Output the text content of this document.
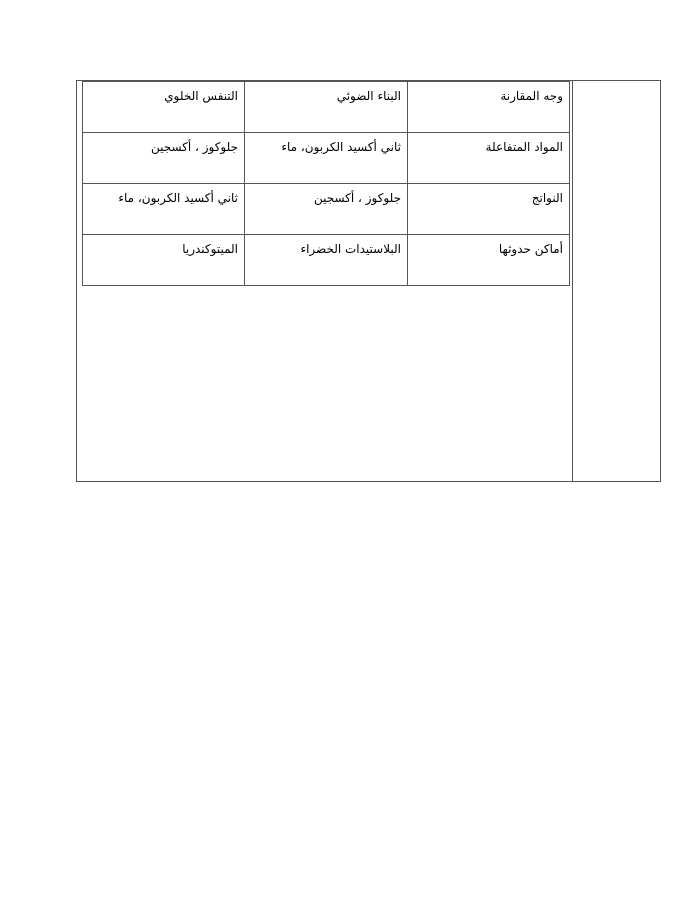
وجه المقارنة	البناء الضوئي	التنفس الخلوي
المواد المتفاعلة	ثاني أكسيد الكربون، ماء	جلوكوز ، أكسجين
النواتج	جلوكوز ، أكسجين	ثاني أكسيد الكربون، ماء
أماكن حدوثها	البلاستيدات الخضراء	الميتوكندريا
